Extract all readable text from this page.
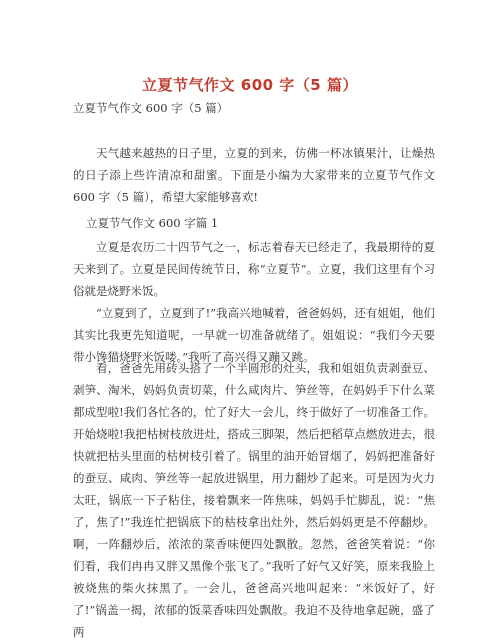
立夏节气作文 600 字（5 篇）
立夏节气作文 600 字（5 篇）
天气越来越热的日子里，立夏的到来，仿佛一杯冰镇果汁，让燥热的日子添上些许清凉和甜蜜。下面是小编为大家带来的立夏节气作文 600 字（5 篇），希望大家能够喜欢!
立夏节气作文 600 字篇 1
立夏是农历二十四节气之一，标志着春天已经走了，我最期待的夏天来到了。立夏是民间传统节日，称“立夏节”。立夏，我们这里有个习俗就是烧野米饭。
“立夏到了，立夏到了!”我高兴地喊着，爸爸妈妈，还有姐姐，他们其实比我更先知道呢，一早就一切准备就绪了。姐姐说：“我们今天要带小馋猫烧野米饭喽。”我听了高兴得又蹦又跳。
看，爸爸先用砖头搭了一个半圆形的灶头，我和姐姐负责剥蚕豆、剥笋、淘米，妈妈负责切菜，什么咸肉片、笋丝等，在妈妈手下什么菜都成型啦!我们各忙各的，忙了好大一会儿，终于做好了一切准备工作。开始烧啦!我把枯树枝放进灶，搭成三脚架，然后把稻草点燃放进去，很快就把枯头里面的枯树枝引着了。锅里的油开始冒烟了，妈妈把准备好的蚕豆、咸肉、笋丝等一起放进锅里，用力翻炒了起来。可是因为火力太旺，锅底一下子粘住，接着飘来一阵焦味，妈妈手忙脚乱，说：“焦了，焦了!”我连忙把锅底下的枯枝拿出灶外，然后妈妈更是不停翻炒。啊，一阵翻炒后，浓浓的菜香味便四处飘散。忽然，爸爸笑着说：“你们看，我们冉冉又胖又黑像个张飞了。”我听了好气又好笑，原来我脸上被烧焦的柴火抹黑了。一会儿，爸爸高兴地叫起来：“米饭好了，好了!”锅盖一揭，浓郁的饭菜香味四处飘散。我迫不及待地拿起碗，盛了两
